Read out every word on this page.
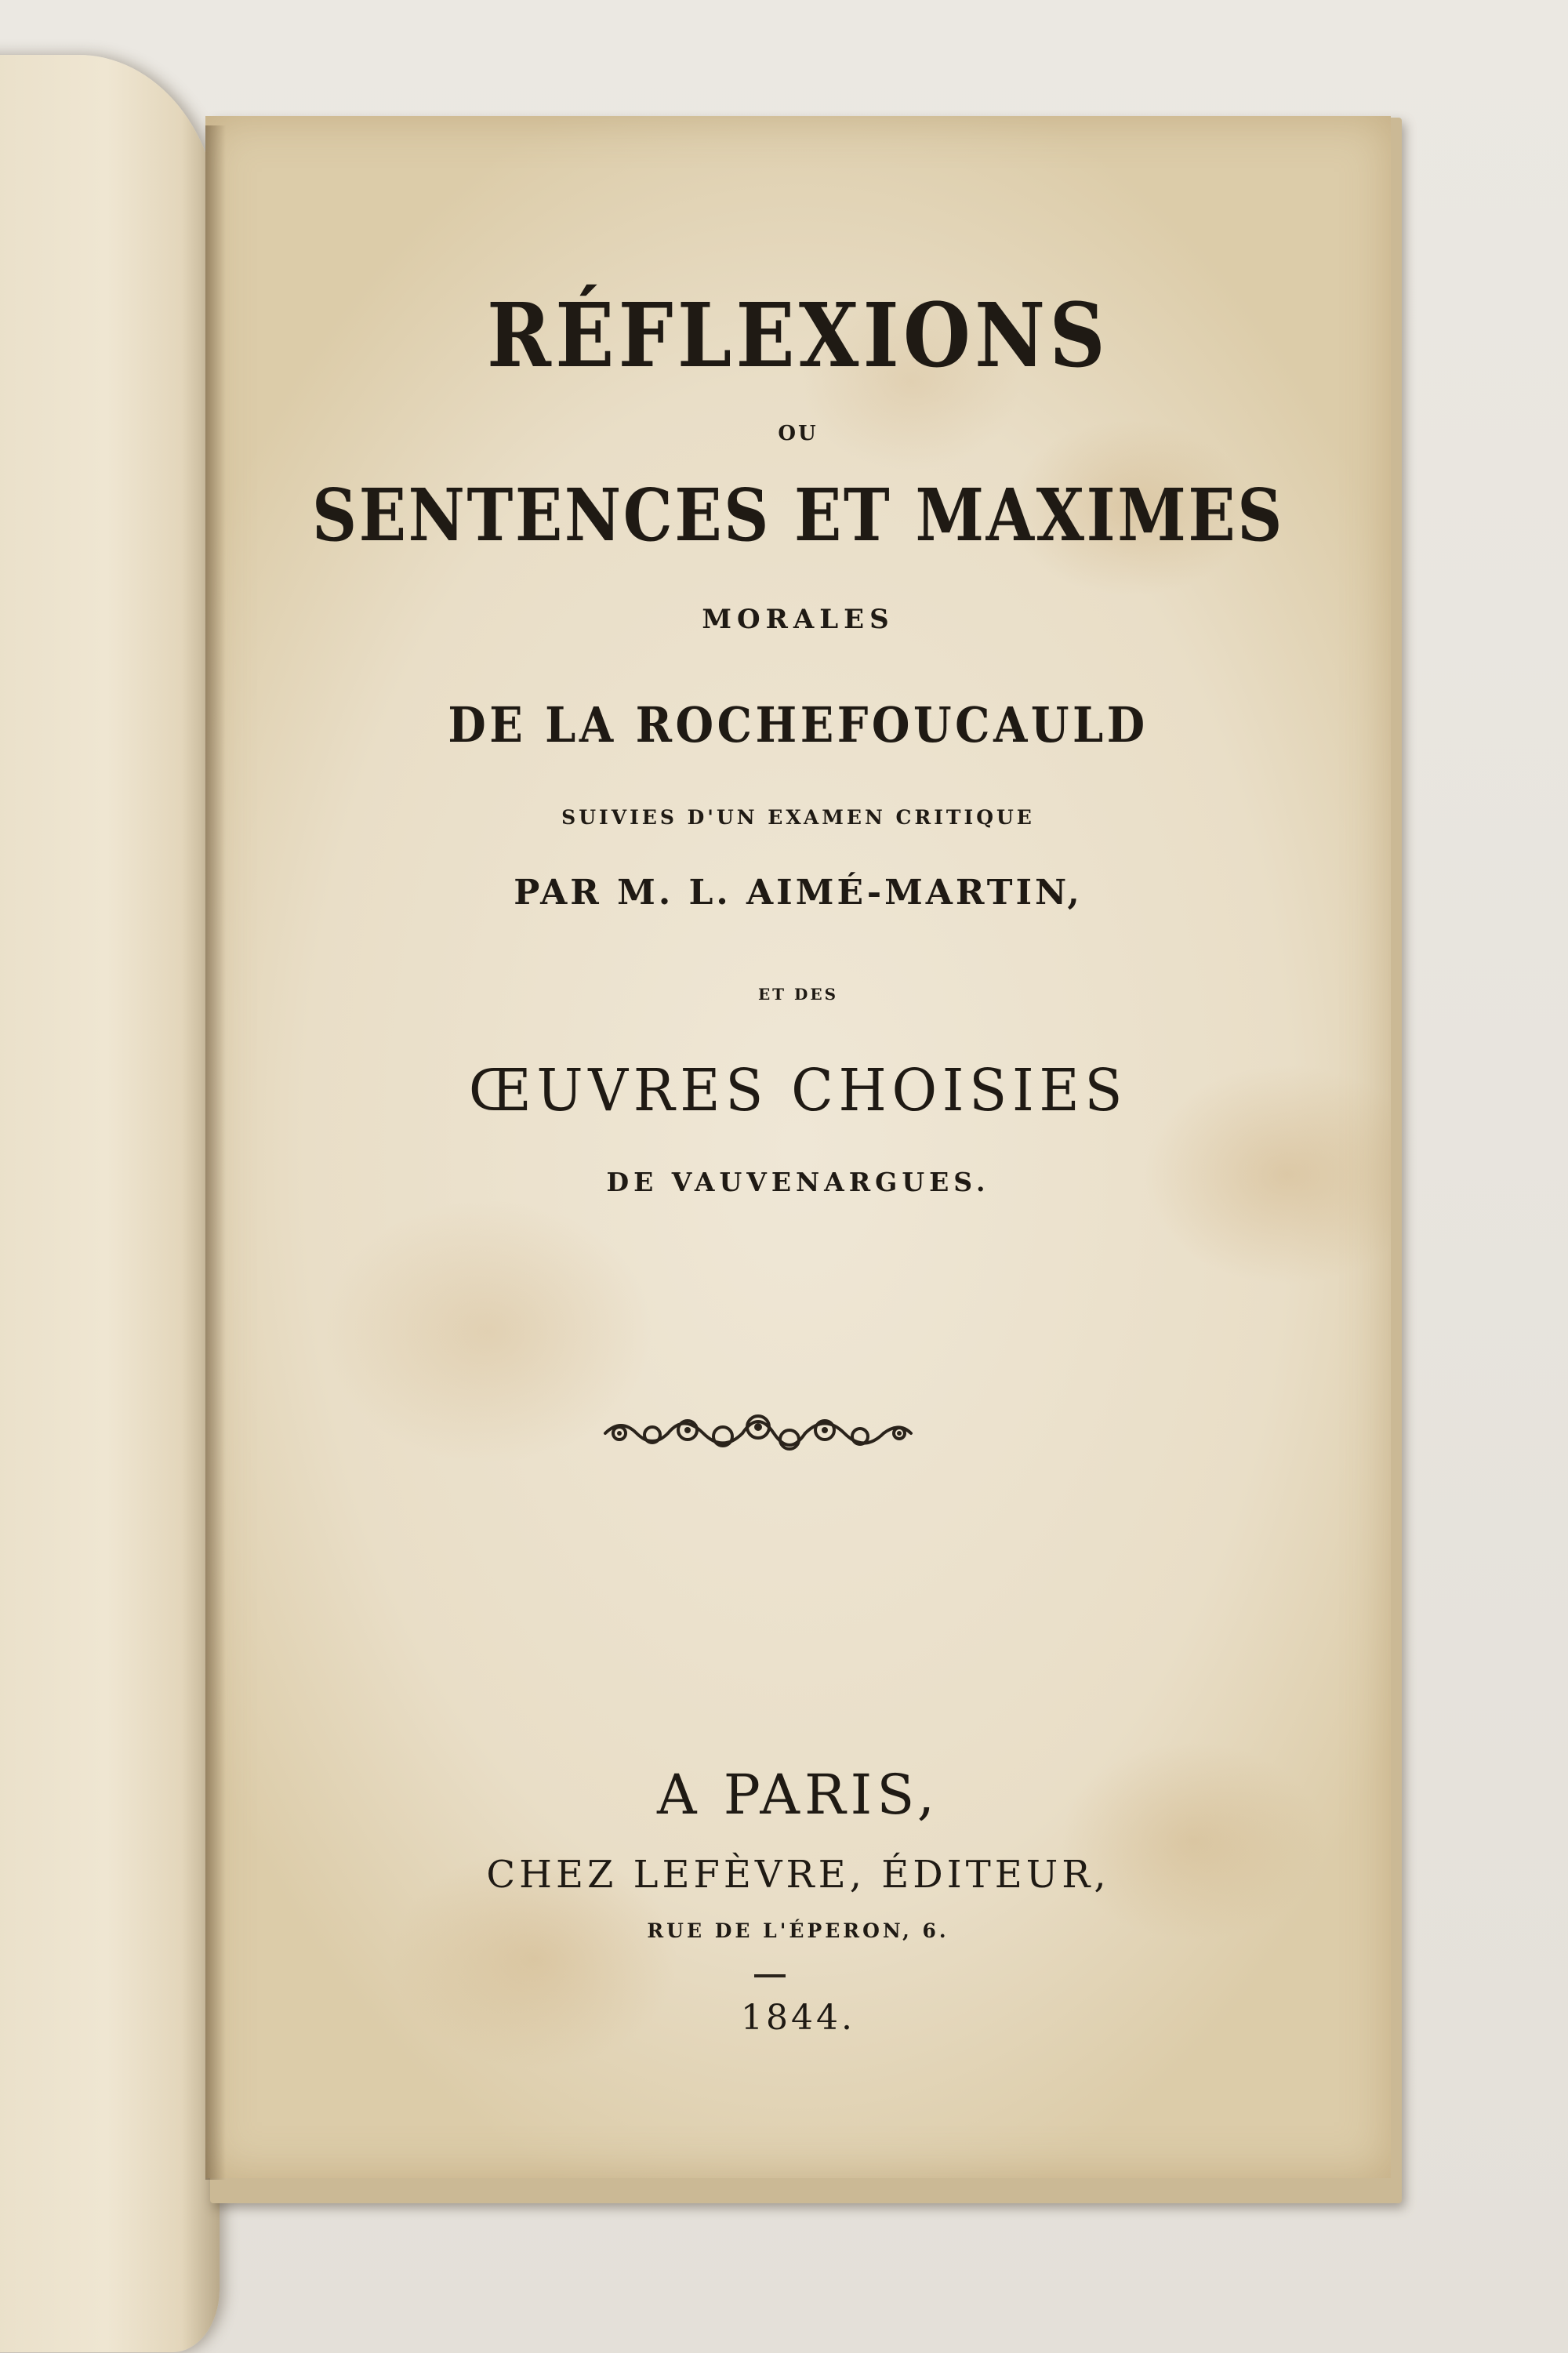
RÉFLEXIONS
OU
SENTENCES ET MAXIMES
MORALES
DE LA ROCHEFOUCAULD
SUIVIES D'UN EXAMEN CRITIQUE
PAR M. L. AIMÉ-MARTIN,
ET DES
ŒUVRES CHOISIES
DE VAUVENARGUES.
A PARIS,
CHEZ LEFÈVRE, ÉDITEUR,
RUE DE L'ÉPERON, 6.
1844.
